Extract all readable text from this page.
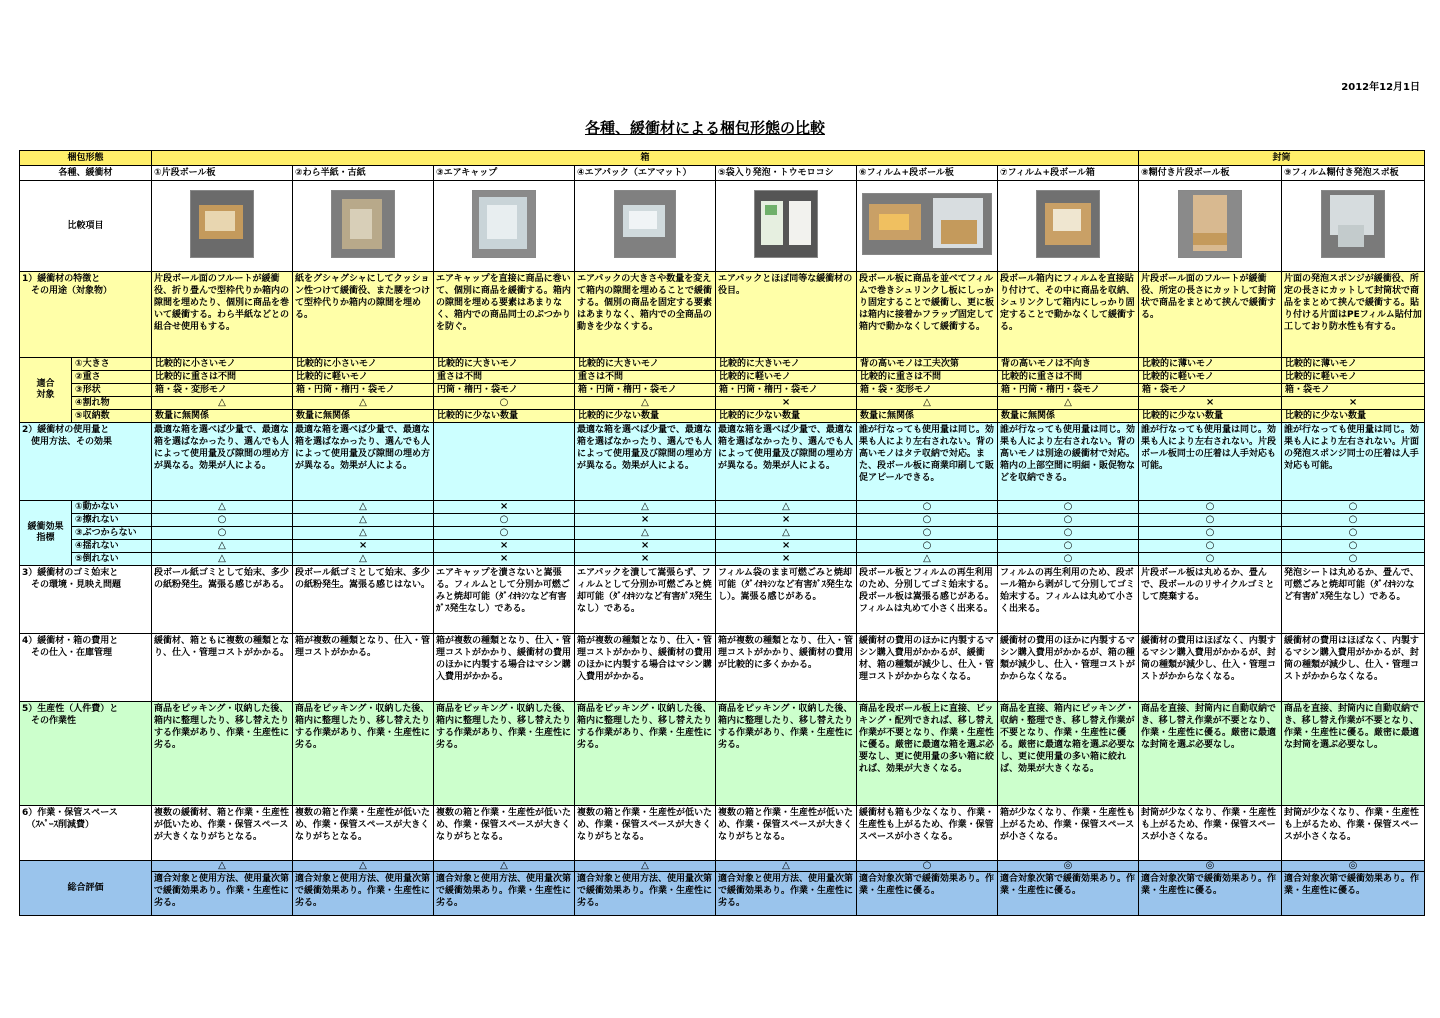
2012年12月1日
各種、緩衝材による梱包形態の比較
梱包形態		箱							封筒	
各種、緩衝材		①片段ボール板	②わら半紙・古紙	③エアキャップ	④エアパック（エアマット）	⑤袋入り発泡・トウモロコシ	⑥フィルム+段ボール板	⑦フィルム+段ボール箱	⑧糊付き片段ボール板	⑨フィルム糊付き発泡スポ板
比較項目		

1）緩衝材の特徴と
　その用途（対象物）		片段ボール面のフルートが緩衝役、折り畳んで型枠代りか箱内の隙間を埋めたり、個別に商品を巻いて緩衝する。わら半紙などとの組合せ使用もする。	紙をグシャグシャにしてクッション性つけて緩衝役、また腰をつけて型枠代りか箱内の隙間を埋める。	エアキャップを直接に商品に巻いて、個別に商品を緩衝する。箱内の隙間を埋める要素はあまりなく、箱内での商品同士のぶつかりを防ぐ。	エアパックの大きさや数量を変えて箱内の隙間を埋めることで緩衝する。個別の商品を固定する要素はあまりなく、箱内での全商品の動きを少なくする。	エアパックとほぼ同等な緩衝材の役目。	段ボール板に商品を並べてフィルムで巻きシュリンクし板にしっかり固定することで緩衝し、更に板は箱内に接着かフラップ固定して箱内で動かなくして緩衝する。	段ボール箱内にフィルムを直接貼り付けて、その中に商品を収納、シュリンクして箱内にしっかり固定することで動かなくして緩衝する。	片段ボール面のフルートが緩衝役、所定の長さにカットして封筒状で商品をまとめて挟んで緩衝する。	片面の発泡スポンジが緩衝役、所定の長さにカットして封筒状で商品をまとめて挟んで緩衝する。貼り付ける片面はPEフィルム貼付加工しており防水性も有する。
適合
対象	①大きさ	比較的に小さいモノ	比較的に小さいモノ	比較的に大きいモノ	比較的に大きいモノ	比較的に大きいモノ	背の高いモノは工夫次第	背の高いモノは不向き	比較的に薄いモノ	比較的に薄いモノ
	②重さ	比較的に重さは不問	比較的に軽いモノ	重さは不問	重さは不問	比較的に軽いモノ	比較的に重さは不問	比較的に重さは不問	比較的に軽いモノ	比較的に軽いモノ
	③形状	箱・袋・変形モノ	箱・円筒・楕円・袋モノ	円筒・楕円・袋モノ	箱・円筒・楕円・袋モノ	箱・円筒・楕円・袋モノ	箱・袋・変形モノ	箱・円筒・楕円・袋モノ	箱・袋モノ	箱・袋モノ
	④割れ物	△	△	○	△	×	△	△	×	×
	⑤収納数	数量に無関係	数量に無関係	比較的に少ない数量	比較的に少ない数量	比較的に少ない数量	数量に無関係	数量に無関係	比較的に少ない数量	比較的に少ない数量
2）緩衝材の使用量と
　使用方法、その効果		最適な箱を選べば少量で、最適な箱を選ばなかったり、選んでも人によって使用量及び隙間の埋め方が異なる。効果が人による。	最適な箱を選べば少量で、最適な箱を選ばなかったり、選んでも人によって使用量及び隙間の埋め方が異なる。効果が人による。		最適な箱を選べば少量で、最適な箱を選ばなかったり、選んでも人によって使用量及び隙間の埋め方が異なる。効果が人による。	最適な箱を選べば少量で、最適な箱を選ばなかったり、選んでも人によって使用量及び隙間の埋め方が異なる。効果が人による。	誰が行なっても使用量は同じ。効果も人により左右されない。背の高いモノはタテ収納で対応。また、段ボール板に商業印刷して販促アピールできる。	誰が行なっても使用量は同じ。効果も人により左右されない。背の高いモノは別途の緩衝材で対応。箱内の上部空間に明細・販促物などを収納できる。	誰が行なっても使用量は同じ。効果も人により左右されない。片段ボール板同士の圧着は人手対応も可能。	誰が行なっても使用量は同じ。効果も人により左右されない。片面の発泡スポンジ同士の圧着は人手対応も可能。
緩衝効果
指標	①動かない	△	△	×	△	△	○	○	○	○
	②擦れない	○	△	○	×	×	○	○	○	○
	③ぶつからない	○	△	○	△	△	○	○	○	○
	④揺れない	△	×	×	×	×	○	○	○	○
	⑤倒れない	△	△	×	×	×	△	○	○	○
3）緩衝材のゴミ始末と
　その環境・見映え問題		段ボール紙ゴミとして始末、多少の紙粉発生。嵩張る感じがある。	段ボール紙ゴミとして始末、多少の紙粉発生。嵩張る感じはない。	エアキャップを潰さないと嵩張る。フィルムとして分別か可燃ごみと焼却可能（ﾀﾞｲｵｷｼﾝなど有害ｶﾞｽ発生なし）である。	エアパックを潰して嵩張らず、フィルムとして分別か可燃ごみと焼却可能（ﾀﾞｲｵｷｼﾝなど有害ｶﾞｽ発生なし）である。	フィルム袋のまま可燃ごみと焼却可能（ﾀﾞｲｵｷｼﾝなど有害ｶﾞｽ発生なし）。嵩張る感じがある。	段ボール板とフィルムの再生利用のため、分別してゴミ始末する。段ボール板は嵩張る感じがある。フィルムは丸めて小さく出来る。	フィルムの再生利用のため、段ボール箱から剥がして分別してゴミ始末する。フィルムは丸めて小さく出来る。	片段ボール板は丸めるか、畳んで、段ボールのリサイクルゴミとして廃棄する。	発泡シートは丸めるか、畳んで、可燃ごみと焼却可能（ﾀﾞｲｵｷｼﾝなど有害ｶﾞｽ発生なし）である。
4）緩衝材・箱の費用と
　その仕入・在庫管理		緩衝材、箱ともに複数の種類となり、仕入・管理コストがかかる。	箱が複数の種類となり、仕入・管理コストがかかる。	箱が複数の種類となり、仕入・管理コストがかかり、緩衝材の費用のほかに内製する場合はマシン購入費用がかかる。	箱が複数の種類となり、仕入・管理コストがかかり、緩衝材の費用のほかに内製する場合はマシン購入費用がかかる。	箱が複数の種類となり、仕入・管理コストがかかり、緩衝材の費用が比較的に多くかかる。	緩衝材の費用のほかに内製するマシン購入費用がかかるが、緩衝材、箱の種類が減少し、仕入・管理コストがかからなくなる。	緩衝材の費用のほかに内製するマシン購入費用がかかるが、箱の種類が減少し、仕入・管理コストがかからなくなる。	緩衝材の費用はほぼなく、内製するマシン購入費用がかかるが、封筒の種類が減少し、仕入・管理コストがかからなくなる。	緩衝材の費用はほぼなく、内製するマシン購入費用がかかるが、封筒の種類が減少し、仕入・管理コストがかからなくなる。
5）生産性（人件費）と
　その作業性		商品をピッキング・収納した後、箱内に整理したり、移し替えたりする作業があり、作業・生産性に劣る。	商品をピッキング・収納した後、箱内に整理したり、移し替えたりする作業があり、作業・生産性に劣る。	商品をピッキング・収納した後、箱内に整理したり、移し替えたりする作業があり、作業・生産性に劣る。	商品をピッキング・収納した後、箱内に整理したり、移し替えたりする作業があり、作業・生産性に劣る。	商品をピッキング・収納した後、箱内に整理したり、移し替えたりする作業があり、作業・生産性に劣る。	商品を段ボール板上に直接、ピッキング・配列できれば、移し替え作業が不要となり、作業・生産性に優る。厳密に最適な箱を選ぶ必要なし、更に使用量の多い箱に絞れば、効果が大きくなる。	商品を直接、箱内にピッキング・収納・整理でき、移し替え作業が不要となり、作業・生産性に優る。厳密に最適な箱を選ぶ必要なし、更に使用量の多い箱に絞れば、効果が大きくなる。	商品を直接、封筒内に自動収納でき、移し替え作業が不要となり、作業・生産性に優る。厳密に最適な封筒を選ぶ必要なし。	商品を直接、封筒内に自動収納でき、移し替え作業が不要となり、作業・生産性に優る。厳密に最適な封筒を選ぶ必要なし。
6）作業・保管スペース
　（ｽﾍﾟｰｽ削減費）		複数の緩衝材、箱と作業・生産性が低いため、作業・保管スペースが大きくなりがちとなる。	複数の箱と作業・生産性が低いため、作業・保管スペースが大きくなりがちとなる。	複数の箱と作業・生産性が低いため、作業・保管スペースが大きくなりがちとなる。	複数の箱と作業・生産性が低いため、作業・保管スペースが大きくなりがちとなる。	複数の箱と作業・生産性が低いため、作業・保管スペースが大きくなりがちとなる。	緩衝材も箱も少なくなり、作業・生産性も上がるため、作業・保管スペースが小さくなる。	箱が少なくなり、作業・生産性も上がるため、作業・保管スペースが小さくなる。	封筒が少なくなり、作業・生産性も上がるため、作業・保管スペースが小さくなる。	封筒が少なくなり、作業・生産性も上がるため、作業・保管スペースが小さくなる。
総合評価		△	△	△	△	△	○	◎	◎	◎
		適合対象と使用方法、使用量次第で緩衝効果あり。作業・生産性に劣る。	適合対象と使用方法、使用量次第で緩衝効果あり。作業・生産性に劣る。	適合対象と使用方法、使用量次第で緩衝効果あり。作業・生産性に劣る。	適合対象と使用方法、使用量次第で緩衝効果あり。作業・生産性に劣る。	適合対象と使用方法、使用量次第で緩衝効果あり。作業・生産性に劣る。	適合対象次第で緩衝効果あり。作業・生産性に優る。	適合対象次第で緩衝効果あり。作業・生産性に優る。	適合対象次第で緩衝効果あり。作業・生産性に優る。	適合対象次第で緩衝効果あり。作業・生産性に優る。
